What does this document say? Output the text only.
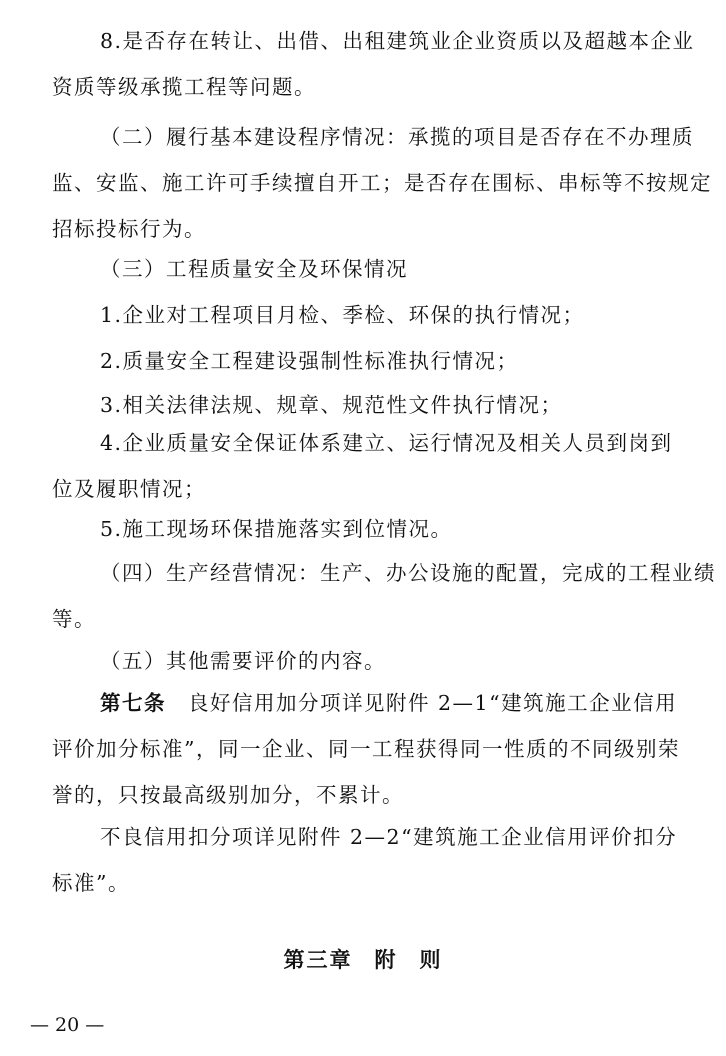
8.是否存在转让、出借、出租建筑业企业资质以及超越本企业
资质等级承揽工程等问题。

（二）履行基本建设程序情况：承揽的项目是否存在不办理质
监、安监、施工许可手续擅自开工；是否存在围标、串标等不按规定
招标投标行为。

（三）工程质量安全及环保情况

1.企业对工程项目月检、季检、环保的执行情况；

2.质量安全工程建设强制性标准执行情况；

3.相关法律法规、规章、规范性文件执行情况；

4.企业质量安全保证体系建立、运行情况及相关人员到岗到
位及履职情况；

5.施工现场环保措施落实到位情况。

（四）生产经营情况：生产、办公设施的配置，完成的工程业绩
等。

（五）其他需要评价的内容。

第七条 良好信用加分项详见附件 2—1“建筑施工企业信用
评价加分标准”，同一企业、同一工程获得同一性质的不同级别荣
誉的，只按最高级别加分，不累计。

不良信用扣分项详见附件 2—2“建筑施工企业信用评价扣分
标准”。

第三章 附 则
— 20 —
